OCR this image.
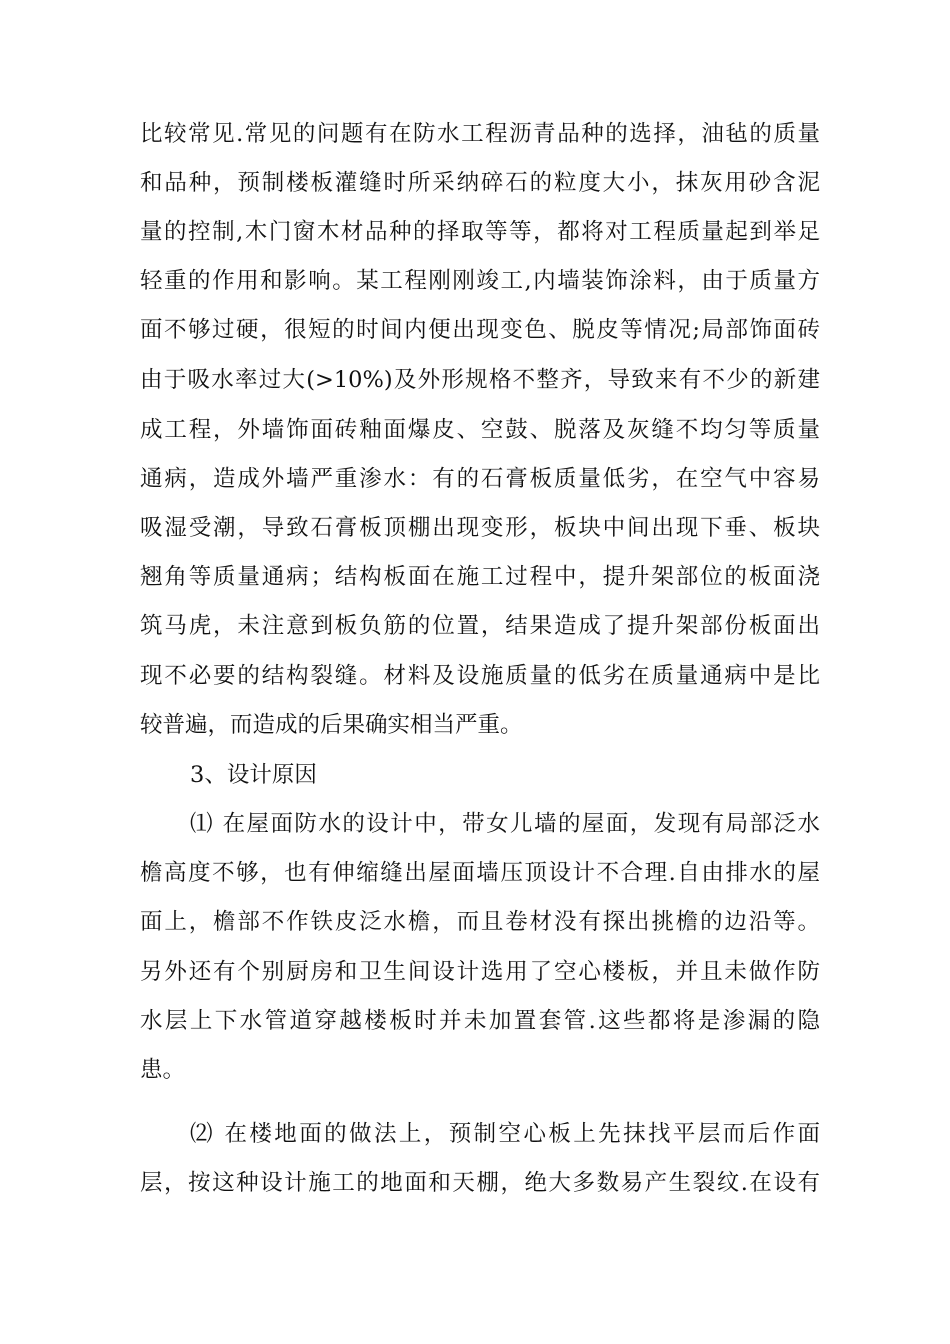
比较常见.常见的问题有在防水工程沥青品种的选择，油毡的质量
和品种，预制楼板灌缝时所采纳碎石的粒度大小，抹灰用砂含泥
量的控制,木门窗木材品种的择取等等，都将对工程质量起到举足
轻重的作用和影响。某工程刚刚竣工,内墙装饰涂料，由于质量方
面不够过硬，很短的时间内便出现变色、脱皮等情况;局部饰面砖
由于吸水率过大(>10%)及外形规格不整齐，导致来有不少的新建
成工程，外墙饰面砖釉面爆皮、空鼓、脱落及灰缝不均匀等质量
通病，造成外墙严重渗水：有的石膏板质量低劣，在空气中容易
吸湿受潮，导致石膏板顶棚出现变形，板块中间出现下垂、板块
翘角等质量通病；结构板面在施工过程中，提升架部位的板面浇
筑马虎，未注意到板负筋的位置，结果造成了提升架部份板面出
现不必要的结构裂缝。材料及设施质量的低劣在质量通病中是比
较普遍，而造成的后果确实相当严重。
3、设计原因
⑴ 在屋面防水的设计中，带女儿墙的屋面，发现有局部泛水
檐高度不够，也有伸缩缝出屋面墙压顶设计不合理.自由排水的屋
面上，檐部不作铁皮泛水檐，而且卷材没有探出挑檐的边沿等。
另外还有个别厨房和卫生间设计选用了空心楼板，并且未做作防
水层上下水管道穿越楼板时并未加置套管.这些都将是渗漏的隐
患。
⑵ 在楼地面的做法上，预制空心板上先抹找平层而后作面
层，按这种设计施工的地面和天棚，绝大多数易产生裂纹.在设有
